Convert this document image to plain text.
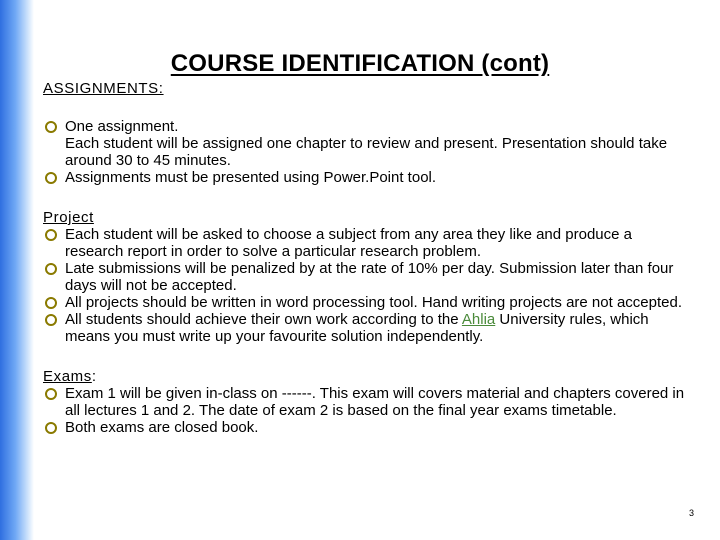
COURSE IDENTIFICATION (cont)
ASSIGNMENTS:
One assignment.
Each student will be assigned one chapter to review and present. Presentation should take around 30 to 45 minutes.
Assignments must be presented using Power.Point tool.
Project
Each student will be asked to choose a subject from any area they like and produce a research report in order to solve a particular research problem.
Late submissions will be penalized by at the rate of 10% per day. Submission later than four days will not be accepted.
All projects should be written in word processing tool. Hand writing projects are not accepted.
All students should achieve their own work according to the Ahlia University rules, which means you must write up your favourite solution independently.
Exams:
Exam 1 will be given in-class on ------. This exam will covers material and chapters covered in all lectures 1 and 2. The date of exam 2 is based on the final year exams timetable.
Both exams are closed book.
3
